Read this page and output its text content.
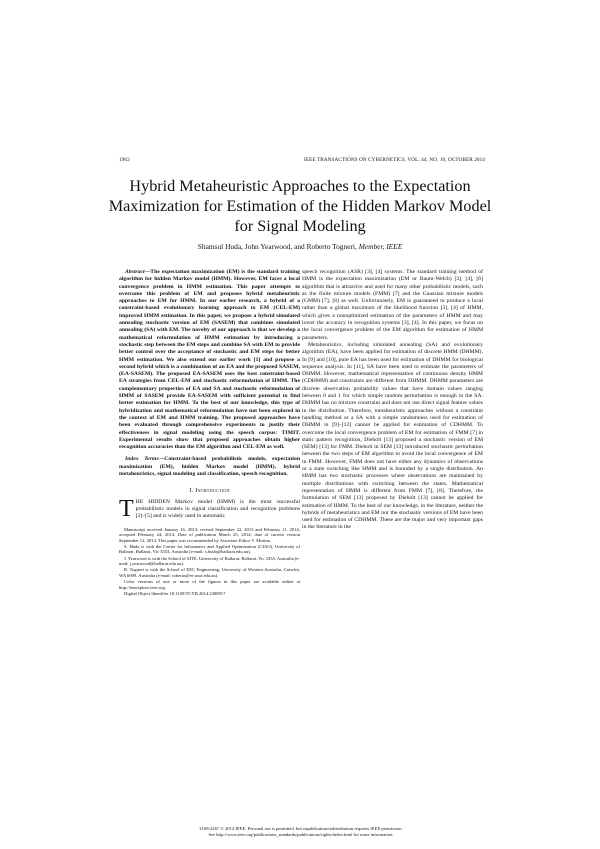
1962	IEEE TRANSACTIONS ON CYBERNETICS, VOL. 44, NO. 10, OCTOBER 2014
Hybrid Metaheuristic Approaches to the Expectation Maximization for Estimation of the Hidden Markov Model for Signal Modeling
Shamsul Huda, John Yearwood, and Roberto Togneri, Member, IEEE

Abstract—The expectation maximization (EM) is the standard training algorithm for hidden Markov model (HMM). However, EM faces a local convergence problem in HMM estimation. This paper attempts to overcome this problem of EM and proposes hybrid metaheuristic approaches to EM for HMM. In our earlier research, a hybrid of a constraint-based evolutionary learning approach to EM (CEL-EM) improved HMM estimation. In this paper, we propose a hybrid simulated annealing stochastic version of EM (SASEM) that combines simulated annealing (SA) with EM. The novelty of our approach is that we develop a mathematical reformulation of HMM estimation by introducing a stochastic step between the EM steps and combine SA with EM to provide better control over the acceptance of stochastic and EM steps for better HMM estimation. We also extend our earlier work [1] and propose a second hybrid which is a combination of an EA and the proposed SASEM, (EA-SASEM). The proposed EA-SASEM uses the best constraint-based EA strategies from CEL-EM and stochastic reformulation of HMM. The complementary properties of EA and SA and stochastic reformulation of HMM of SASEM provide EA-SASEM with sufficient potential to find better estimation for HMM. To the best of our knowledge, this type of hybridization and mathematical reformulation have not been explored in the context of EM and HMM training. The proposed approaches have been evaluated through comprehensive experiments to justify their effectiveness in signal modeling using the speech corpus: TIMIT. Experimental results show that proposed approaches obtain higher recognition accuracies than the EM algorithm and CEL-EM as well.

Index Terms—Constraint-based probabilistic models, expectation maximization (EM), hidden Markov model (HMM), hybrid metaheuristics, signal modeling and classification, speech recognition.

I. Introduction

THE HIDDEN Markov model (HMM) is the most successful probabilistic models in signal classification and recognition problems [2]–[5] and is widely used in automatic

Manuscript received January 16, 2013; revised September 22, 2013 and February 11, 2014; accepted February 24, 2014. Date of publication March 25, 2014; date of current version September 12, 2014. This paper was recommended by Associate Editor V. Murino.

S. Huda is with the Center for Informatics and Applied Optimization (CIAO), University of Ballarat, Ballarat, Vic 3353, Australia (e-mail: s.huda@ballarat.edu.au).

J. Yearwood is with the School of SITE, University of Ballarat, Ballarat, Vic 3353, Australia (e-mail: j.yearwood@ballarat.edu.au).

R. Togneri is with the School of EEC Engineering, University of Western Australia, Crawley, WA 6009, Australia (e-mail: roberto@ee.uwa.edu.au).

Color versions of one or more of the figures in this paper are available online at http://ieeexplore.ieee.org.

Digital Object Identifier 10.1109/TCYB.2014.2308917

speech recognition (ASR) [3], [4] systems. The standard training method of HMM is the expectation maximization (EM or Baum-Welch) [3], [4], [6] algorithm that is attractive and used for many other probabilistic models, such as the finite mixture models (FMM) [7] and the Gaussian mixture models (GMM) [7], [8] as well. Unfortunately, EM is guaranteed to produce a local rather than a global maximum of the likelihood function [3], [4] of HMM, which gives a nonoptimized estimation of the parameters of HMM and may lower the accuracy in recognition systems [3], [4]. In this paper, we focus on the local convergence problem of the EM algorithm for estimation of HMM parameters.

Metaheuristics, including simulated annealing (SA) and evolutionary algorithm (EA), have been applied for estimation of discrete HMM (DHMM). In [9] and [10], pure EA has been used for estimation of DHMM for biological sequence analysis. In [11], SA have been used to estimate the parameters of DHMM. However, mathematical representation of continuous density HMM (CDHMM) and constraints are different from DHMM. DHMM parameters are discrete observation probability values that have domain values ranging between 0 and 1 for which simple random perturbation is enough in the SA. DHMM has no mixture constraint and does not use direct signal feature values in the distribution. Therefore, metaheuristic approaches without a constraint handling method or a SA with a simple randomness used for estimation of DHMM in [9]–[12] cannot be applied for estimation of CDHMM. To overcome the local convergence problem of EM for estimation of FMM [7] in static pattern recognition, Dieholt [13] proposed a stochastic version of EM (SEM) [13] for FMM. Dieholt in SEM [13] introduced stochastic perturbation between the two steps of EM algorithm to avoid the local convergence of EM in FMM. However, FMM does not have either any dynamics of observations or a state switching like HMM and is bounded by a single distribution. An HMM has two stochastic processes where observations are maintained by multiple distributions with switching between the states. Mathematical representation of HMM is different from FMM [7], [8]. Therefore, the formulation of SEM [13] proposed by Dieholt [13] cannot be applied for estimation of HMM. To the best of our knowledge, in the literature, neither the hybrids of metaheuristics and EM nor the stochastic versions of EM have been used for estimation of CDHMM. These are the major and very important gaps in the literature in the

2168-2267 © 2014 IEEE. Personal use is permitted, but republication/redistribution requires IEEE permission.
See http://www.ieee.org/publications_standards/publications/rights/index.html for more information.
